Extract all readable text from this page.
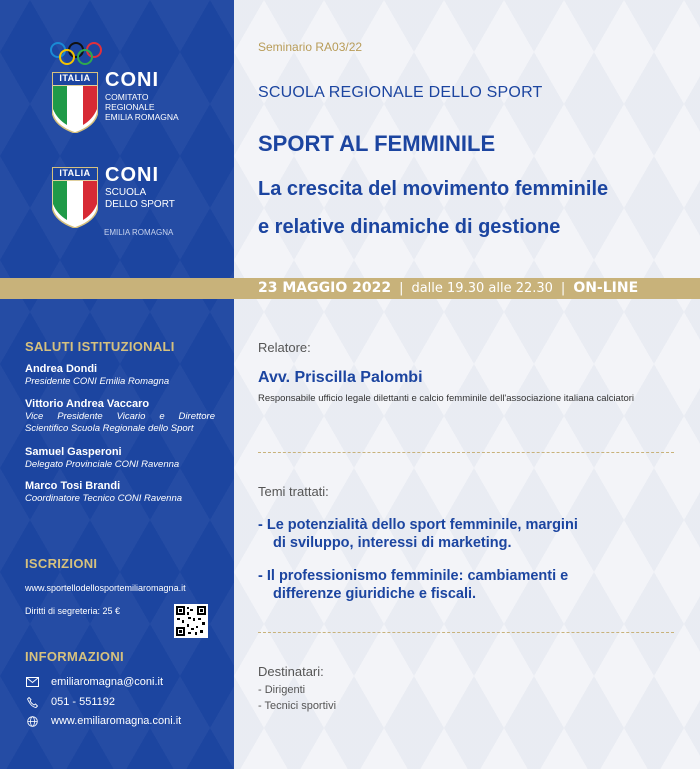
ITALIA CONI
COMITATO
REGIONALE
EMILIA ROMAGNA
ITALIA CONI
SCUOLA
DELLO SPORT
EMILIA ROMAGNA
Seminario RA03/22
SCUOLA REGIONALE DELLO SPORT
SPORT AL FEMMINILE
La crescita del movimento femminile
e relative dinamiche di gestione
23 MAGGIO 2022 | dalle 19.30 alle 22.30 | ON-LINE
SALUTI ISTITUZIONALI
Andrea Dondi
Presidente CONI Emilia Romagna
Vittorio Andrea Vaccaro
Vice Presidente Vicario e Direttore Scientifico Scuola Regionale dello Sport
Samuel Gasperoni
Delegato Provinciale CONI Ravenna
Marco Tosi Brandi
Coordinatore Tecnico CONI Ravenna
ISCRIZIONI
www.sportellodellosportemiliaromagna.it
Diritti di segreteria: 25 €
INFORMAZIONI
emiliaromagna@coni.it
051 - 551192
www.emiliaromagna.coni.it
Relatore:
Avv. Priscilla Palombi
Responsabile ufficio legale dilettanti e calcio femminile dell'associazione italiana calciatori
Temi trattati:
- Le potenzialità dello sport femminile, margini
di sviluppo, interessi di marketing.
- Il professionismo femminile: cambiamenti e
differenze giuridiche e fiscali.
Destinatari:
- Dirigenti
- Tecnici sportivi
